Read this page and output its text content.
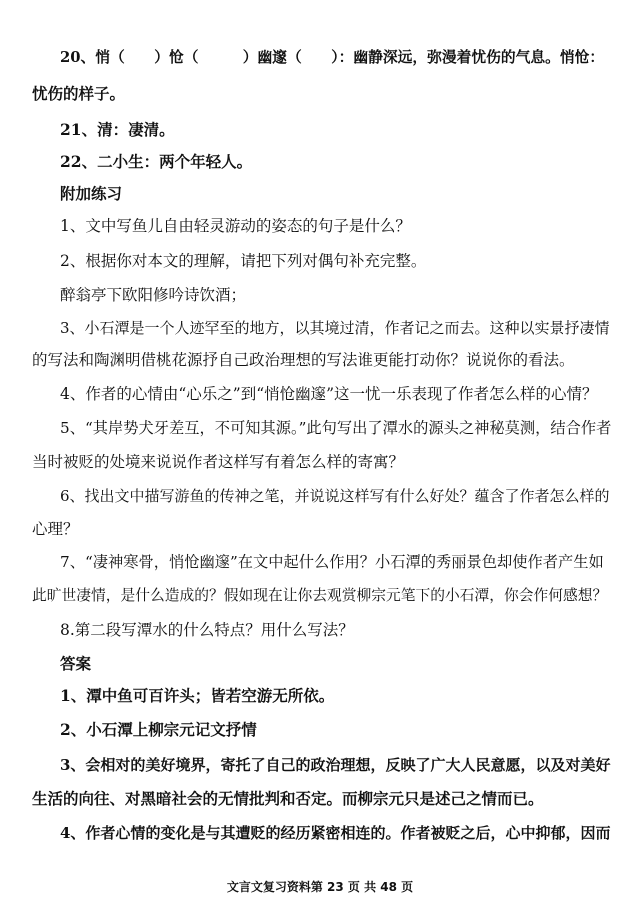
20、悄（　　）怆（　　　）幽邃（　　）：幽静深远，弥漫着忧伤的气息。悄怆：
忧伤的样子。
21、清：凄清。
22、二小生：两个年轻人。
附加练习
1、文中写鱼儿自由轻灵游动的姿态的句子是什么？
2、根据你对本文的理解，请把下列对偶句补充完整。
醉翁亭下欧阳修吟诗饮酒；
3、小石潭是一个人迹罕至的地方，以其境过清，作者记之而去。这种以实景抒凄情
的写法和陶渊明借桃花源抒自己政治理想的写法谁更能打动你？说说你的看法。
4、作者的心情由“心乐之”到“悄怆幽邃”这一忧一乐表现了作者怎么样的心情？
5、“其岸势犬牙差互，不可知其源。”此句写出了潭水的源头之神秘莫测，结合作者
当时被贬的处境来说说作者这样写有着怎么样的寄寓？
6、找出文中描写游鱼的传神之笔，并说说这样写有什么好处？蕴含了作者怎么样的
心理？
7、“凄神寒骨，悄怆幽邃”在文中起什么作用？小石潭的秀丽景色却使作者产生如
此旷世凄情，是什么造成的？假如现在让你去观赏柳宗元笔下的小石潭，你会作何感想？
8.第二段写潭水的什么特点？用什么写法？
答案
1、潭中鱼可百许头；皆若空游无所依。
2、小石潭上柳宗元记文抒情
3、会相对的美好境界，寄托了自己的政治理想，反映了广大人民意愿，以及对美好
生活的向往、对黑暗社会的无情批判和否定。而柳宗元只是述己之情而已。
4、作者心情的变化是与其遭贬的经历紧密相连的。作者被贬之后，心中抑郁，因而
文言文复习资料第 23 页 共 48 页
